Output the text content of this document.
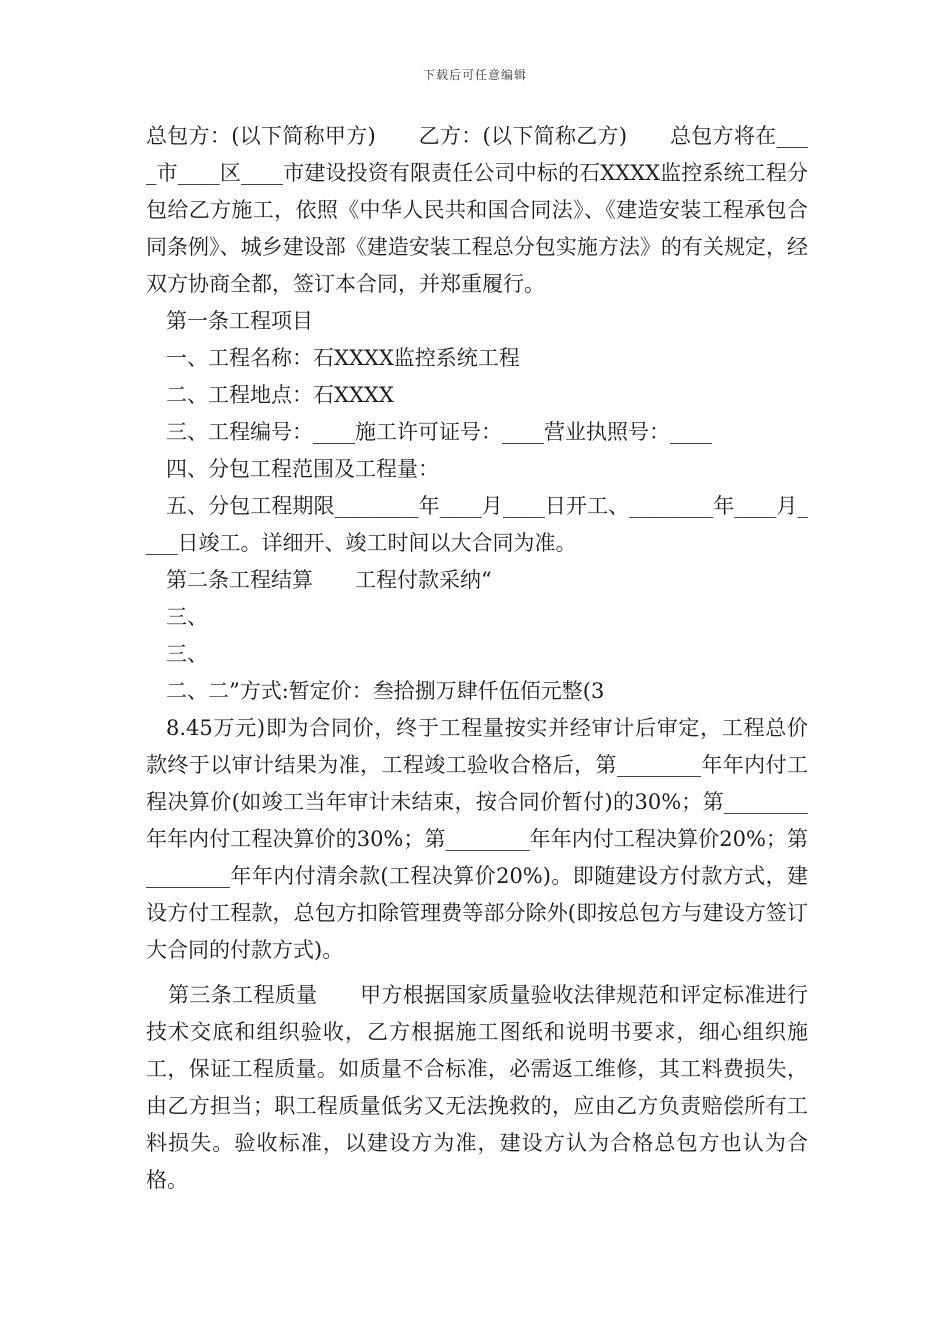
下载后可任意编辑

总包方：(以下简称甲方)　　乙方：(以下简称乙方)　　总包方将在____市____区____市建设投资有限责任公司中标的石XXXX监控系统工程分包给乙方施工，依照《中华人民共和国合同法》、《建造安装工程承包合同条例》、城乡建设部《建造安装工程总分包实施方法》的有关规定，经双方协商全都，签订本合同，并郑重履行。

第一条工程项目

一、工程名称：石XXXX监控系统工程

二、工程地点：石XXXX

三、工程编号：____施工许可证号：____营业执照号：____

四、分包工程范围及工程量：

五、分包工程期限________年____月____日开工、________年____月____日竣工。详细开、竣工时间以大合同为准。

第二条工程结算　　工程付款采纳“

三、

三、

二、二”方式:暂定价：叁拾捌万肆仟伍佰元整(3

8.45万元)即为合同价，终于工程量按实并经审计后审定，工程总价款终于以审计结果为准，工程竣工验收合格后，第________年年内付工程决算价(如竣工当年审计未结束，按合同价暂付)的30%；第________年年内付工程决算价的30%；第________年年内付工程决算价20%；第________年年内付清余款(工程决算价20%)。即随建设方付款方式，建设方付工程款，总包方扣除管理费等部分除外(即按总包方与建设方签订大合同的付款方式)。

第三条工程质量　　甲方根据国家质量验收法律规范和评定标准进行技术交底和组织验收，乙方根据施工图纸和说明书要求，细心组织施工，保证工程质量。如质量不合标准，必需返工维修，其工料费损失，由乙方担当；职工程质量低劣又无法挽救的，应由乙方负责赔偿所有工料损失。验收标准，以建设方为准，建设方认为合格总包方也认为合格。
